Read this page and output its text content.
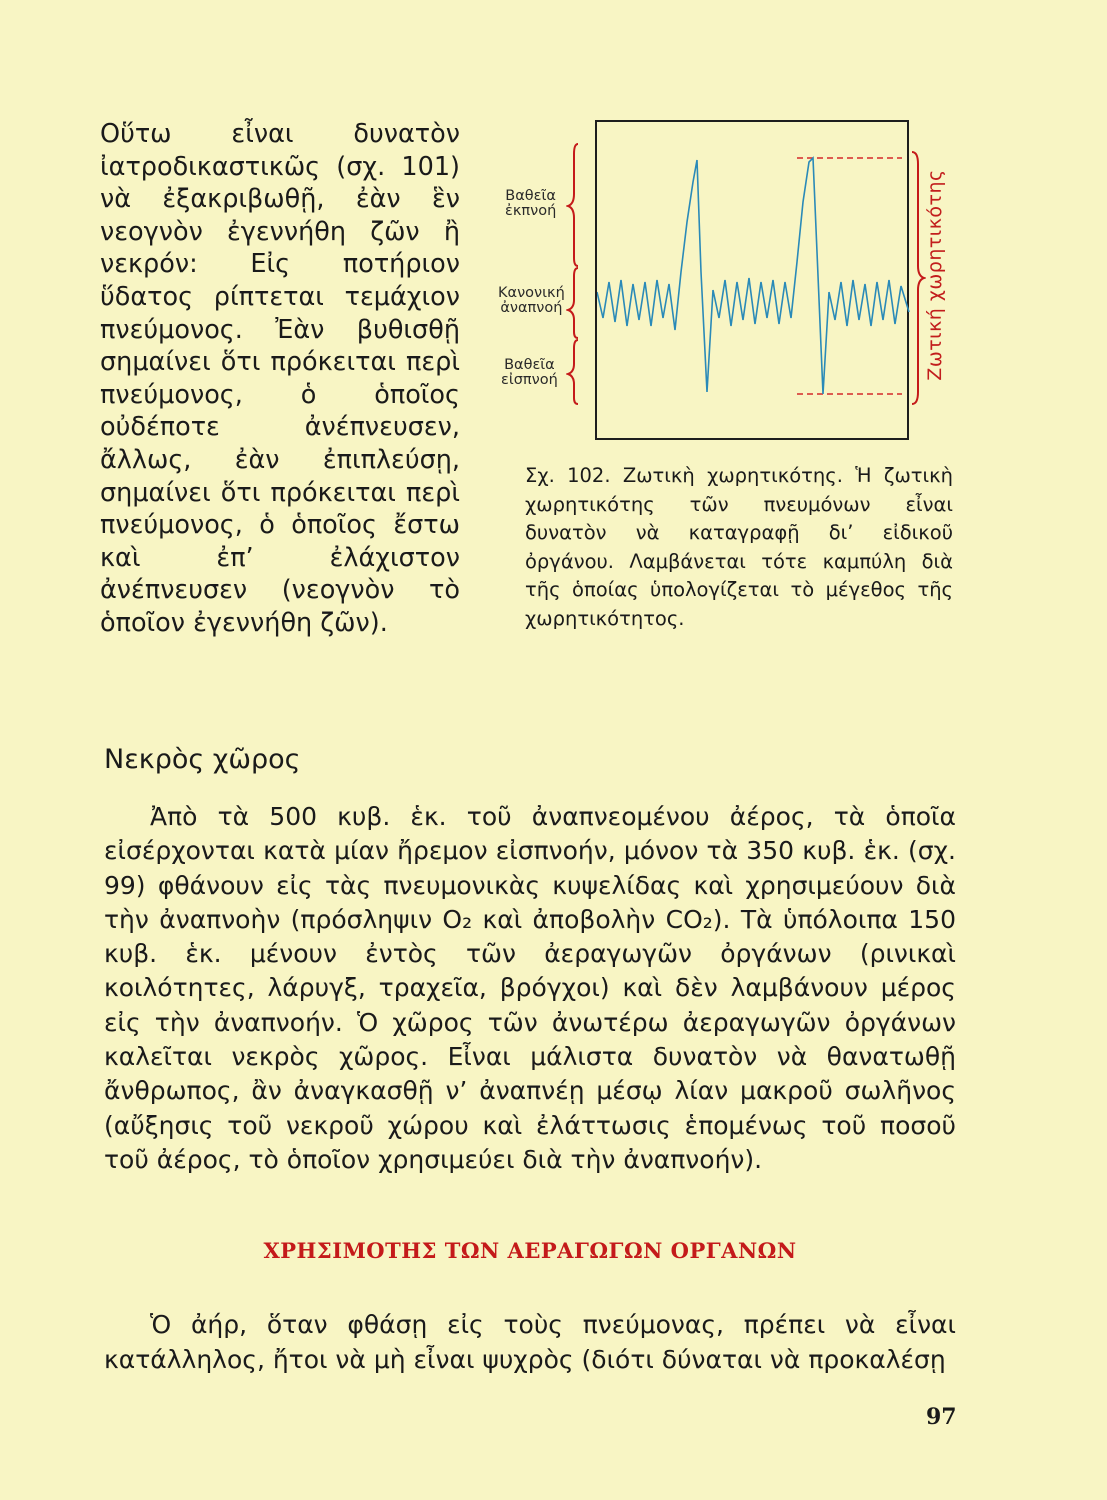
Οὕτω εἶναι δυνατὸν ἰατροδικαστικῶς (σχ. 101) νὰ ἐξακριβωθῇ, ἐὰν ἓν νεογνὸν ἐγεννήθη ζῶν ἢ νεκρόν: Εἰς ποτήριον ὕδατος ρίπτεται τεμάχιον πνεύμονος. Ἐὰν βυθισθῇ σημαίνει ὅτι πρόκειται περὶ πνεύμονος, ὁ ὁποῖος οὐδέποτε ἀνέπνευσεν, ἄλλως, ἐὰν ἐπιπλεύσῃ, σημαίνει ὅτι πρόκειται περὶ πνεύμονος, ὁ ὁποῖος ἔστω καὶ ἐπ’ ἐλάχιστον ἀνέπνευσεν (νεογνὸν τὸ ὁποῖον ἐγεννήθη ζῶν).

Βαθεῖα
ἐκπνοή
Κανονική
ἀναπνοή
Βαθεῖα
εἰσπνοή	Ζωτική χωρητικότης

Σχ. 102. Ζωτικὴ χωρητικότης. Ἡ ζωτικὴ χωρητικότης τῶν πνευμόνων εἶναι δυνατὸν νὰ καταγραφῇ δι’ εἰδικοῦ ὀργάνου. Λαμβάνεται τότε καμπύλη διὰ τῆς ὁποίας ὑπολογίζεται τὸ μέγεθος τῆς χωρητικότητος.

Νεκρὸς χῶρος

Ἀπὸ τὰ 500 κυβ. ἑκ. τοῦ ἀναπνεομένου ἀέρος, τὰ ὁποῖα εἰσέρχονται κατὰ μίαν ἤρεμον εἰσπνοήν, μόνον τὰ 350 κυβ. ἑκ. (σχ. 99) φθάνουν εἰς τὰς πνευμονικὰς κυψελίδας καὶ χρησιμεύουν διὰ τὴν ἀναπνοὴν (πρόσληψιν O₂ καὶ ἀποβολὴν CO₂). Τὰ ὑπόλοιπα 150 κυβ. ἑκ. μένουν ἐντὸς τῶν ἀεραγωγῶν ὀργάνων (ρινικαὶ κοιλότητες, λάρυγξ, τραχεῖα, βρόγχοι) καὶ δὲν λαμβάνουν μέρος εἰς τὴν ἀναπνοήν. Ὁ χῶρος τῶν ἀνωτέρω ἀεραγωγῶν ὀργάνων καλεῖται νεκρὸς χῶρος. Εἶναι μάλιστα δυνατὸν νὰ θανατωθῇ ἄνθρωπος, ἂν ἀναγκασθῇ ν’ ἀναπνέῃ μέσῳ λίαν μακροῦ σωλῆνος (αὔξησις τοῦ νεκροῦ χώρου καὶ ἐλάττωσις ἑπομένως τοῦ ποσοῦ τοῦ ἀέρος, τὸ ὁποῖον χρησιμεύει διὰ τὴν ἀναπνοήν).

ΧΡΗΣΙΜΟΤΗΣ ΤΩΝ ΑΕΡΑΓΩΓΩΝ ΟΡΓΑΝΩΝ

Ὁ ἀήρ, ὅταν φθάσῃ εἰς τοὺς πνεύμονας, πρέπει νὰ εἶναι κατάλληλος, ἤτοι νὰ μὴ εἶναι ψυχρὸς (διότι δύναται νὰ προκαλέσῃ

97
